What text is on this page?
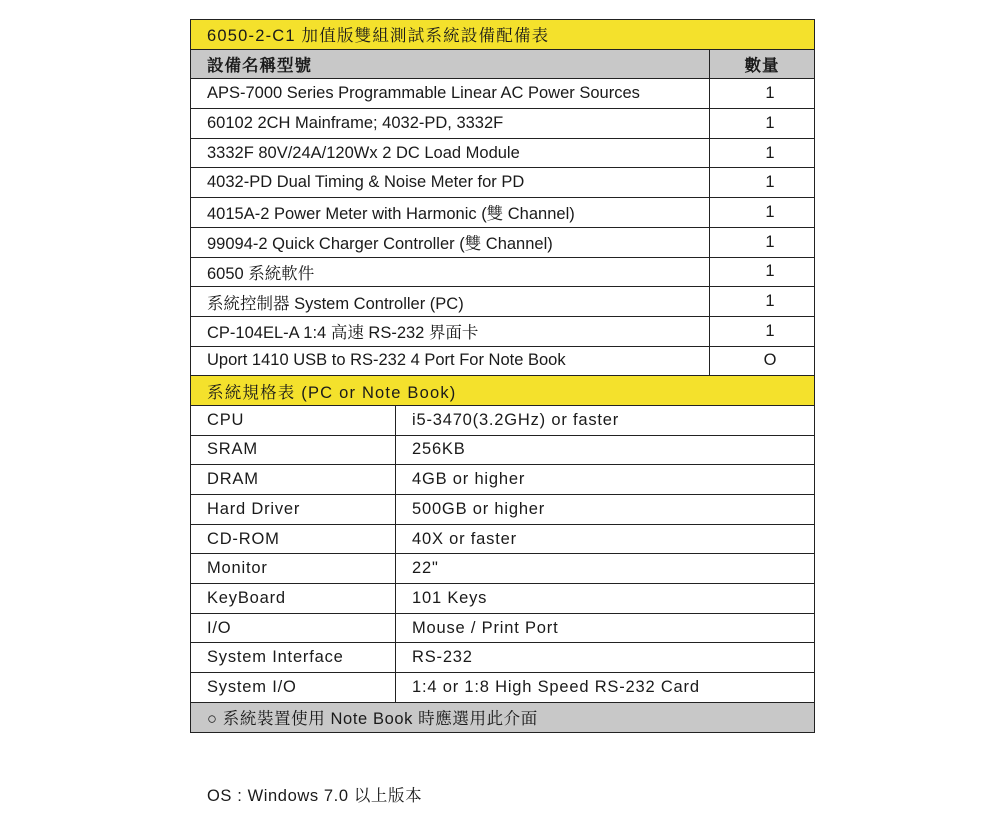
6050-2-C1 加值版雙組測試系統設備配備表		
設備名稱型號		數量
APS-7000 Series Programmable Linear AC Power Sources		1
60102 2CH Mainframe; 4032-PD, 3332F		1
3332F 80V/24A/120Wx 2 DC Load Module		1
4032-PD Dual Timing & Noise Meter for PD		1
4015A-2 Power Meter with Harmonic (雙 Channel)		1
99094-2 Quick Charger Controller (雙 Channel)		1
6050 系統軟件		1
系統控制器 System Controller (PC)		1
CP-104EL-A 1:4 高速 RS-232 界面卡		1
Uport 1410 USB to RS-232 4 Port For Note Book		O
系統規格表 (PC or Note Book)		
CPU	i5-3470(3.2GHz) or faster	
SRAM	256KB	
DRAM	4GB or higher	
Hard Driver	500GB or higher	
CD-ROM	40X or faster	
Monitor	22"	
KeyBoard	101 Keys	
I/O	Mouse / Print Port	
System Interface	RS-232	
System I/O	1:4 or 1:8 High Speed RS-232 Card	
○ 系統裝置使用 Note Book 時應選用此介面		
OS : Windows 7.0 以上版本
